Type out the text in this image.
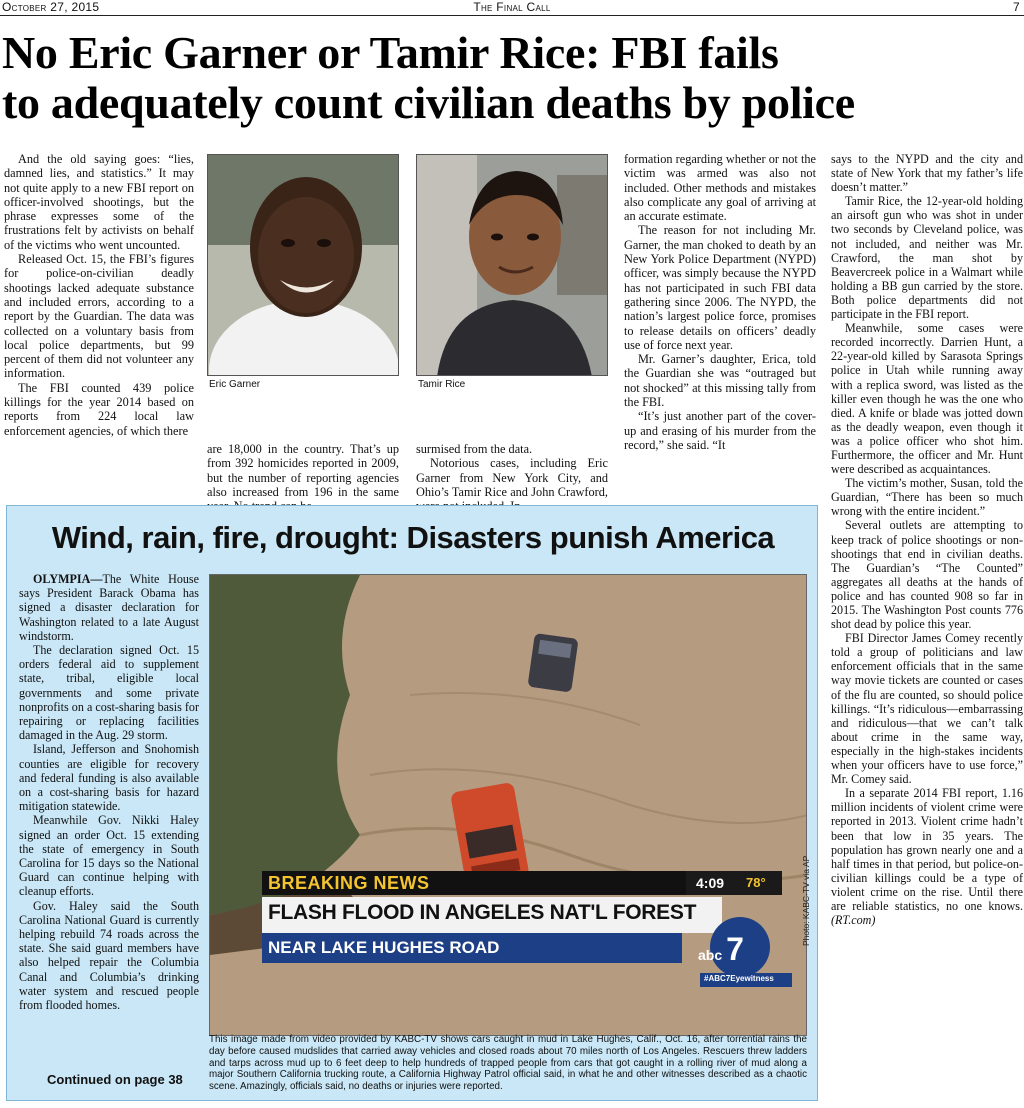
October 27, 2015	The Final Call	7
No Eric Garner or Tamir Rice: FBI fails
to adequately count civilian deaths by police

And the old saying goes: “lies, damned lies, and statistics.” It may not quite apply to a new FBI report on officer-involved shootings, but the phrase expresses some of the frustrations felt by activists on behalf of the victims who went uncounted.

Released Oct. 15, the FBI’s figures for police-on-civilian deadly shootings lacked adequate substance and included errors, according to a report by the Guardian. The data was collected on a voluntary basis from local police departments, but 99 percent of them did not volunteer any information.

The FBI counted 439 police killings for the year 2014 based on reports from 224 local law enforcement agencies, of which there

Eric Garner	Tamir Rice

are 18,000 in the country. That’s up from 392 homicides reported in 2009, but the number of reporting agencies also increased from 196 in the same

surmised from the data.

Notorious cases, including Eric Garner from New York City, and Ohio’s Tamir Rice and John Crawford,

formation regarding whether or not the victim was armed was also not included. Other methods and mistakes also complicate any goal of arriving at an accurate estimate.

The reason for not including Mr. Garner, the man choked to death by an New York Police Department (NYPD) officer, was simply because the NYPD has not participated in such FBI data gathering since 2006. The NYPD, the nation’s largest police force, promises to release details on officers’ deadly use of force next year.

Mr. Garner’s daughter, Erica, told the Guardian she was “outraged but not shocked” at this missing tally from the FBI.

“It’s just another part of the cover-up and erasing of his murder from the record,” she said. “It

says to the NYPD and the city and state of New York that my father’s life doesn’t matter.”

Tamir Rice, the 12-year-old holding an airsoft gun who was shot in under two seconds by Cleveland police, was not included, and neither was Mr. Crawford, the man shot by Beavercreek police in a Walmart while holding a BB gun carried by the store. Both police departments did not participate in the FBI report.

Meanwhile, some cases were recorded incorrectly. Darrien Hunt, a 22-year-old killed by Sarasota Springs police in Utah while running away with a replica sword, was listed as the killer even though he was the one who died. A knife or blade was jotted down as the deadly weapon, even though it was a police officer who shot him. Furthermore, the officer and Mr. Hunt were described as acquaintances.

The victim’s mother, Susan, told the Guardian, “There has been so much wrong with the entire incident.”

Several outlets are attempting to keep track of police shootings or non-shootings that end in civilian deaths. The Guardian’s “The Counted” aggregates all deaths at the hands of police and has counted 908 so far in 2015. The Washington Post counts 776 shot dead by police this year.

FBI Director James Comey recently told a group of politicians and law enforcement officials that in the same way movie tickets are counted or cases of the flu are counted, so should police killings. “It’s ridiculous—embarrassing and ridiculous—that we can’t talk about crime in the same way, especially in the high-stakes incidents when your officers have to use force,” Mr. Comey said.

In a separate 2014 FBI report, 1.16 million incidents of violent crime were reported in 2013. Violent crime hadn’t been that low in 35 years. The population has grown nearly one and a half times in that period, but police-on-civilian killings could be a type of violent crime on the rise. Until there are reliable statistics, no one knows. (RT.com)

Wind, rain, fire, drought: Disasters punish America

OLYMPIA—The White House says President Barack Obama has signed a disaster declaration for Washington related to a late August windstorm.

The declaration signed Oct. 15 orders federal aid to supplement state, tribal, eligible local governments and some private nonprofits on a cost-sharing basis for repairing or replacing facilities damaged in the Aug. 29 storm.

Island, Jefferson and Snohomish counties are eligible for recovery and federal funding is also available on a cost-sharing basis for hazard mitigation statewide.

Meanwhile Gov. Nikki Haley signed an order Oct. 15 extending the state of emergency in South Carolina for 15 days so the National Guard can continue helping with cleanup efforts.

Gov. Haley said the South Carolina National Guard is currently helping rebuild 74 roads across the state. She said guard members have also helped repair the Columbia Canal and Columbia’s drinking water system and rescued people from flooded homes.

Continued on page 38
BREAKING NEWS	4:09 78°
FLASH FLOOD IN ANGELES NAT'L FOREST
NEAR LAKE HUGHES ROAD	abc 7
#ABC7Eyewitness
Photo: KABC-TV via AP
This image made from video provided by KABC-TV shows cars caught in mud in Lake Hughes, Calif., Oct. 16, after torrential rains the day before caused mudslides that carried away vehicles and closed roads about 70 miles north of Los Angeles. Rescuers threw ladders and tarps across mud up to 6 feet deep to help hundreds of trapped people from cars that got caught in a rolling river of mud along a major Southern California trucking route, a California Highway Patrol official said, in what he and other witnesses described as a chaotic scene. Amazingly, officials said, no deaths or injuries were reported.
